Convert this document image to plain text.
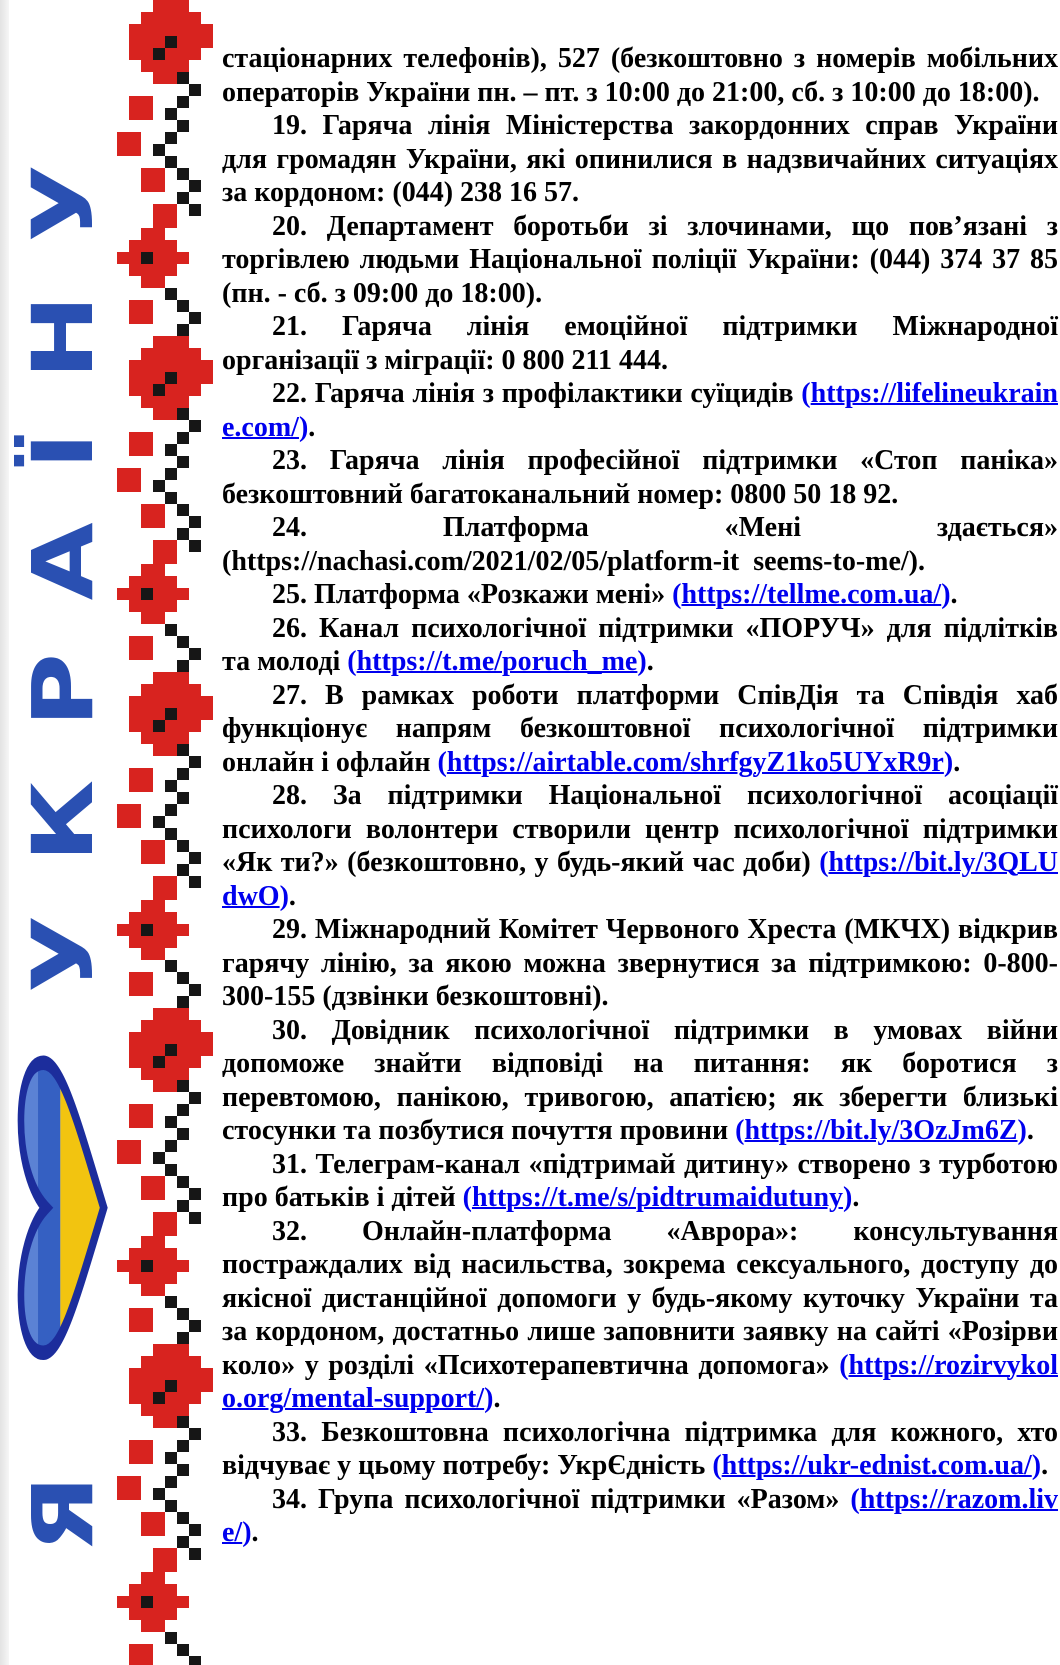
Я
УКРАЇНУ

стаціонарних телефонів), 527 (безкоштовно з номерів мобільних операторів України пн. – пт. з 10:00 до 21:00, сб. з 10:00 до 18:00).

19. Гаряча лінія Міністерства закордонних справ України для громадян України, які опинилися в надзвичайних ситуаціях за кордоном: (044) 238 16 57.

20. Департамент боротьби зі злочинами, що пов’язані з торгівлею людьми Національної поліції України: (044) 374 37 85 (пн. - сб. з 09:00 до 18:00).

21. Гаряча лінія емоційної підтримки Міжнародної організації з міграції: 0 800 211 444.

22. Гаряча лінія з профілактики суїцидів (https://lifelineukraine.com/).

23. Гаряча лінія професійної підтримки «Стоп паніка» безкоштовний багатоканальний номер: 0800 50 18 92.

24. Платформа «Мені здається» (https://nachasi.com/2021/02/05/platform-it  seems-to-me/).

25. Платформа «Розкажи мені» (https://tellme.com.ua/).

26. Канал психологічної підтримки «ПОРУЧ» для підлітків та молоді (https://t.me/poruch_me).

27. В рамках роботи платформи СпівДія та Співдія хаб функціонує напрям безкоштовної психологічної підтримки онлайн і офлайн (https://airtable.com/shrfgyZ1ko5UYxR9r).

28. За підтримки Національної психологічної асоціації психологи волонтери створили центр психологічної підтримки «Як ти?» (безкоштовно, у будь-який час доби) (https://bit.ly/3QLUdwO).

29. Міжнародний Комітет Червоного Хреста (МКЧХ) відкрив гарячу лінію, за якою можна звернутися за підтримкою: 0-800-300-155 (дзвінки безкоштовні).

30. Довідник психологічної підтримки в умовах війни допоможе знайти відповіді на питання: як боротися з перевтомою, панікою, тривогою, апатією; як зберегти близькі стосунки та позбутися почуття провини (https://bit.ly/3OzJm6Z).

31. Телеграм-канал «підтримай дитину» створено з турботою про батьків і дітей (https://t.me/s/pidtrumaidutuny).

32. Онлайн-платформа «Аврора»: консультування постраждалих від насильства, зокрема сексуального, доступу до якісної дистанційної допомоги у будь-якому куточку України та за кордоном, достатньо лише заповнити заявку на сайті «Розірви коло» у розділі «Психотерапевтична допомога» (https://rozirvykolo.org/mental-support/).

33. Безкоштовна психологічна підтримка для кожного, хто відчуває у цьому потребу: УкрЄдність (https://ukr-ednist.com.ua/).

34. Група психологічної підтримки «Разом» (https://razom.live/).
